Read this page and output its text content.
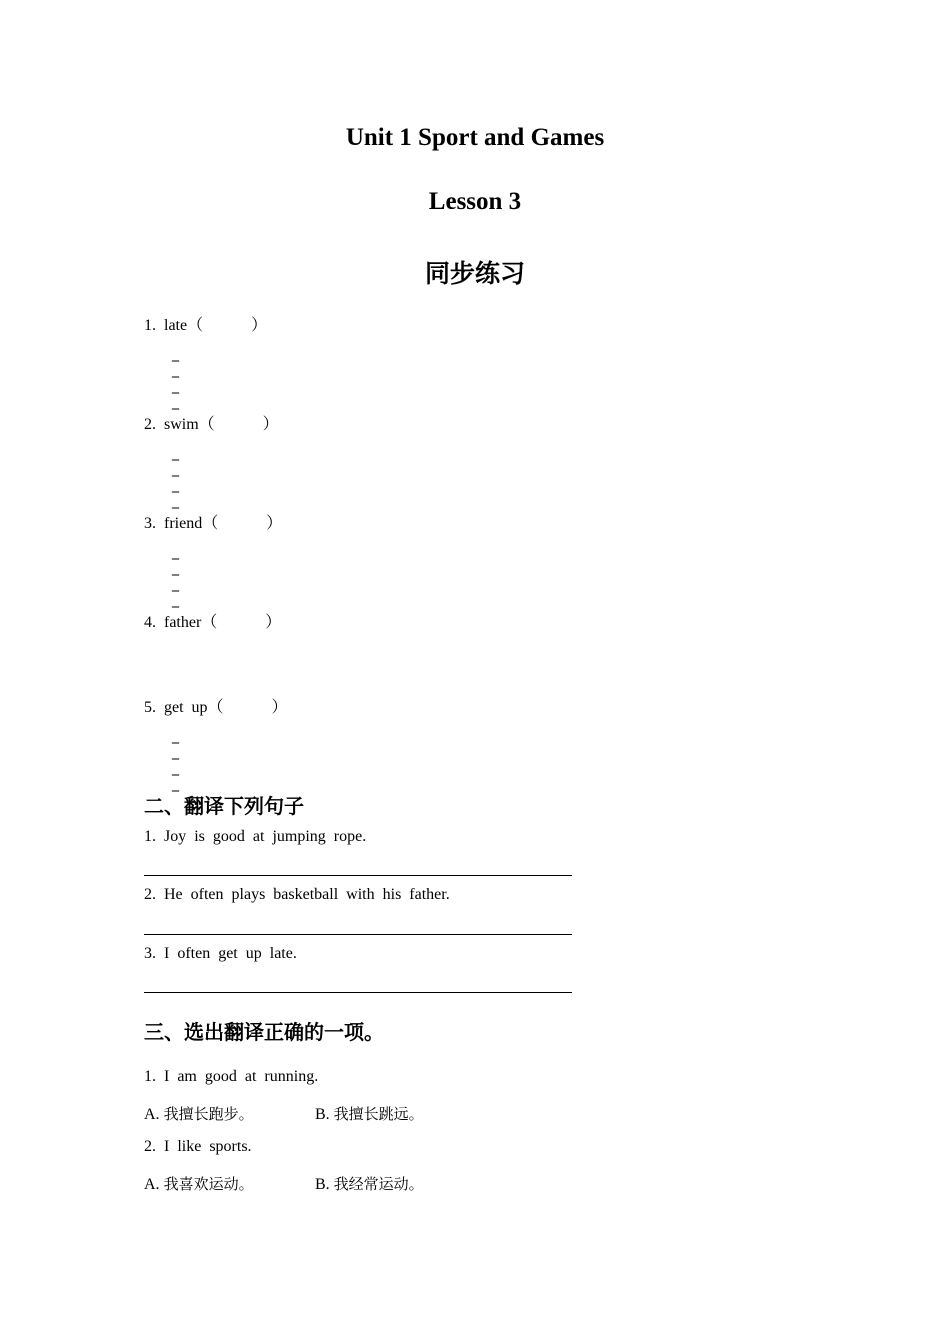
Unit 1 Sport and Games
Lesson 3
同步练习
1.  late（            ）
_
_
_
_
2.  swim（            ）
_
_
_
_
3.  friend（            ）
_
_
_
_
4.  father（            ）
5.  get  up（            ）
_
_
_
_
二、翻译下列句子
1. Joy is good at jumping rope.
2. He often plays basketball with his father.
3. I often get up late.
三、选出翻译正确的一项。
1. I am good at running.
A. 我擅长跑步。	B. 我擅长跳远。
2. I like sports.
A. 我喜欢运动。	B. 我经常运动。
